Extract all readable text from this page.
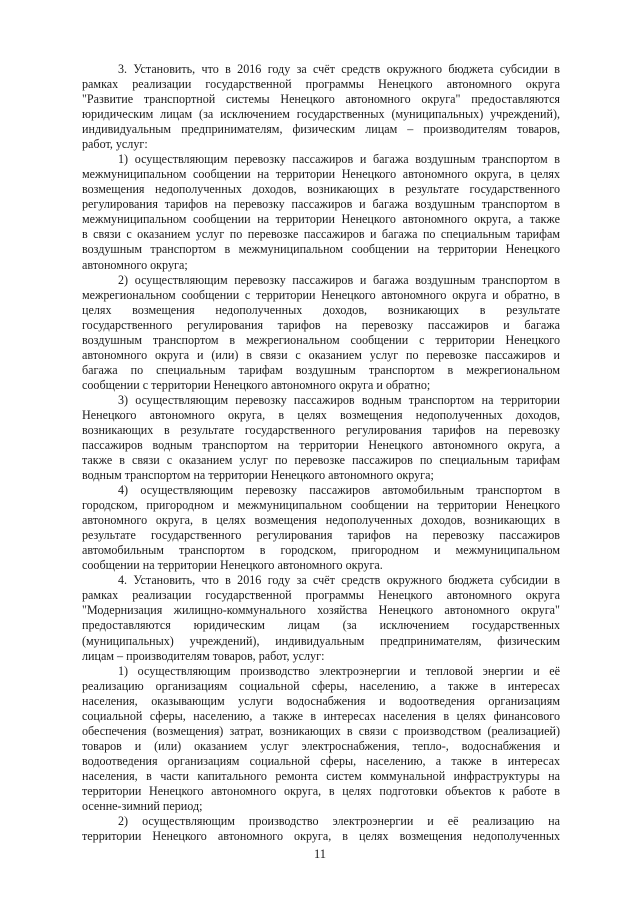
3. Установить, что в 2016 году за счёт средств окружного бюджета субсидии в
рамках реализации государственной программы Ненецкого автономного округа
"Развитие транспортной системы Ненецкого автономного округа" предоставляются
юридическим лицам (за исключением государственных (муниципальных) учреждений),
индивидуальным предпринимателям, физическим лицам – производителям товаров,
работ, услуг:
1) осуществляющим перевозку пассажиров и багажа воздушным транспортом в
межмуниципальном сообщении на территории Ненецкого автономного округа, в целях
возмещения недополученных доходов, возникающих в результате государственного
регулирования тарифов на перевозку пассажиров и багажа воздушным транспортом в
межмуниципальном сообщении на территории Ненецкого автономного округа, а также
в связи с оказанием услуг по перевозке пассажиров и багажа по специальным тарифам
воздушным транспортом в межмуниципальном сообщении на территории Ненецкого
автономного округа;
2) осуществляющим перевозку пассажиров и багажа воздушным транспортом в
межрегиональном сообщении с территории Ненецкого автономного округа и обратно, в
целях возмещения недополученных доходов, возникающих в результате
государственного регулирования тарифов на перевозку пассажиров и багажа
воздушным транспортом в межрегиональном сообщении с территории Ненецкого
автономного округа и (или) в связи с оказанием услуг по перевозке пассажиров и
багажа по специальным тарифам воздушным транспортом в межрегиональном
сообщении с территории Ненецкого автономного округа и обратно;
3) осуществляющим перевозку пассажиров водным транспортом на территории
Ненецкого автономного округа, в целях возмещения недополученных доходов,
возникающих в результате государственного регулирования тарифов на перевозку
пассажиров водным транспортом на территории Ненецкого автономного округа, а
также в связи с оказанием услуг по перевозке пассажиров по специальным тарифам
водным транспортом на территории Ненецкого автономного округа;
4) осуществляющим перевозку пассажиров автомобильным транспортом в
городском, пригородном и межмуниципальном сообщении на территории Ненецкого
автономного округа, в целях возмещения недополученных доходов, возникающих в
результате государственного регулирования тарифов на перевозку пассажиров
автомобильным транспортом в городском, пригородном и межмуниципальном
сообщении на территории Ненецкого автономного округа.
4. Установить, что в 2016 году за счёт средств окружного бюджета субсидии в
рамках реализации государственной программы Ненецкого автономного округа
"Модернизация жилищно-коммунального хозяйства Ненецкого автономного округа"
предоставляются юридическим лицам (за исключением государственных
(муниципальных) учреждений), индивидуальным предпринимателям, физическим
лицам – производителям товаров, работ, услуг:
1) осуществляющим производство электроэнергии и тепловой энергии и её
реализацию организациям социальной сферы, населению, а также в интересах
населения, оказывающим услуги водоснабжения и водоотведения организациям
социальной сферы, населению, а также в интересах населения в целях финансового
обеспечения (возмещения) затрат, возникающих в связи с производством (реализацией)
товаров и (или) оказанием услуг электроснабжения, тепло-, водоснабжения и
водоотведения организациям социальной сферы, населению, а также в интересах
населения, в части капитального ремонта систем коммунальной инфраструктуры на
территории Ненецкого автономного округа, в целях подготовки объектов к работе в
осенне-зимний период;
2) осуществляющим производство электроэнергии и её реализацию на
территории Ненецкого автономного округа, в целях возмещения недополученных
11
